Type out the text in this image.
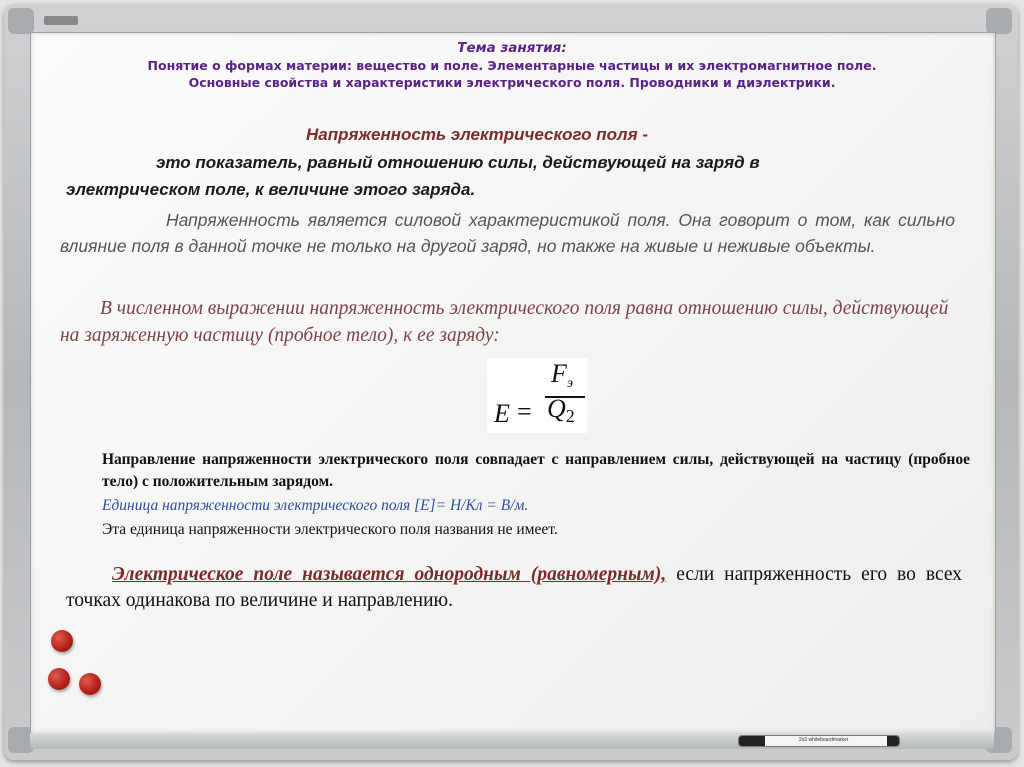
2x3 whiteboardmarker
Тема занятия:
Понятие о формах материи: вещество и поле. Элементарные частицы и их электромагнитное поле.
Основные свойства и характеристики электрического поля. Проводники и диэлектрики.
Напряженность электрического поля -
это показатель, равный отношению силы, действующей на заряд в
электрическом поле, к величине этого заряда.
Напряженность является силовой характеристикой поля. Она говорит о том, как сильно влияние поля в данной точке не только на другой заряд, но также на живые и неживые объекты.
В численном выражении напряженность электрического поля равна отношению силы, действующей на заряженную частицу (пробное тело), к ее заряду:
E =
Fэ
Q2
Направление напряженности электрического поля совпадает с направлением силы, действующей на частицу (пробное тело) с положительным зарядом.
Единица напряженности электрического поля [E]= Н/Кл = В/м.
Эта единица напряженности электрического поля названия не имеет.
Электрическое поле называется однородным (равномерным), если напряженность его во всех точках одинакова по величине и направлению.
